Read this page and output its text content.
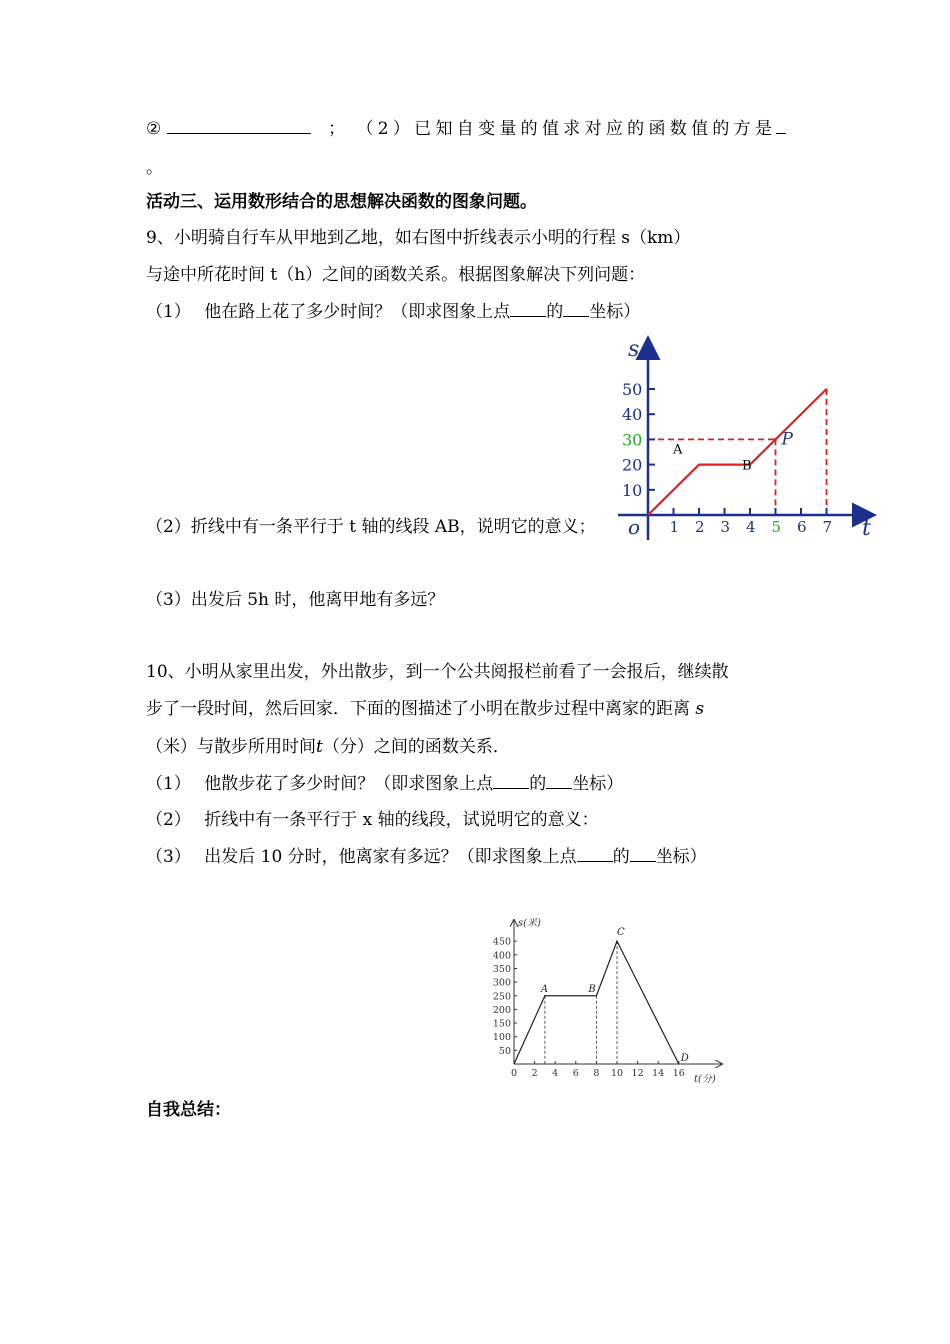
②	； （2）已知自变量的值求对应的函数值的方是
。
活动三、运用数形结合的思想解决函数的图象问题。
9、小明骑自行车从甲地到乙地，如右图中折线表示小明的行程 s（km）
与途中所花时间 t（h）之间的函数关系。根据图象解决下列问题：
（1） 他在路上花了多少时间？（即求图象上点 的 坐标）
（2）折线中有一条平行于 t 轴的线段 AB，说明它的意义；
（3）出发后 5h 时，他离甲地有多远？
1 2 3 4 5 6 7
10
20
30
40
50
s
t
o
A
B
P
10、小明从家里出发，外出散步，到一个公共阅报栏前看了一会报后，继续散
步了一段时间，然后回家．下面的图描述了小明在散步过程中离家的距离 s
（米）与散步所用时间t（分）之间的函数关系．
（1） 他散步花了多少时间？（即求图象上点 的 坐标）
（2） 折线中有一条平行于 x 轴的线段，试说明它的意义：
（3） 出发后 10 分时，他离家有多远？（即求图象上点 的 坐标）
0 2 4 6 8 10 12 14 16
50
100
150
200
250
300
350
400
450
A	B
C
D
s(米)
t(分)
自我总结：
